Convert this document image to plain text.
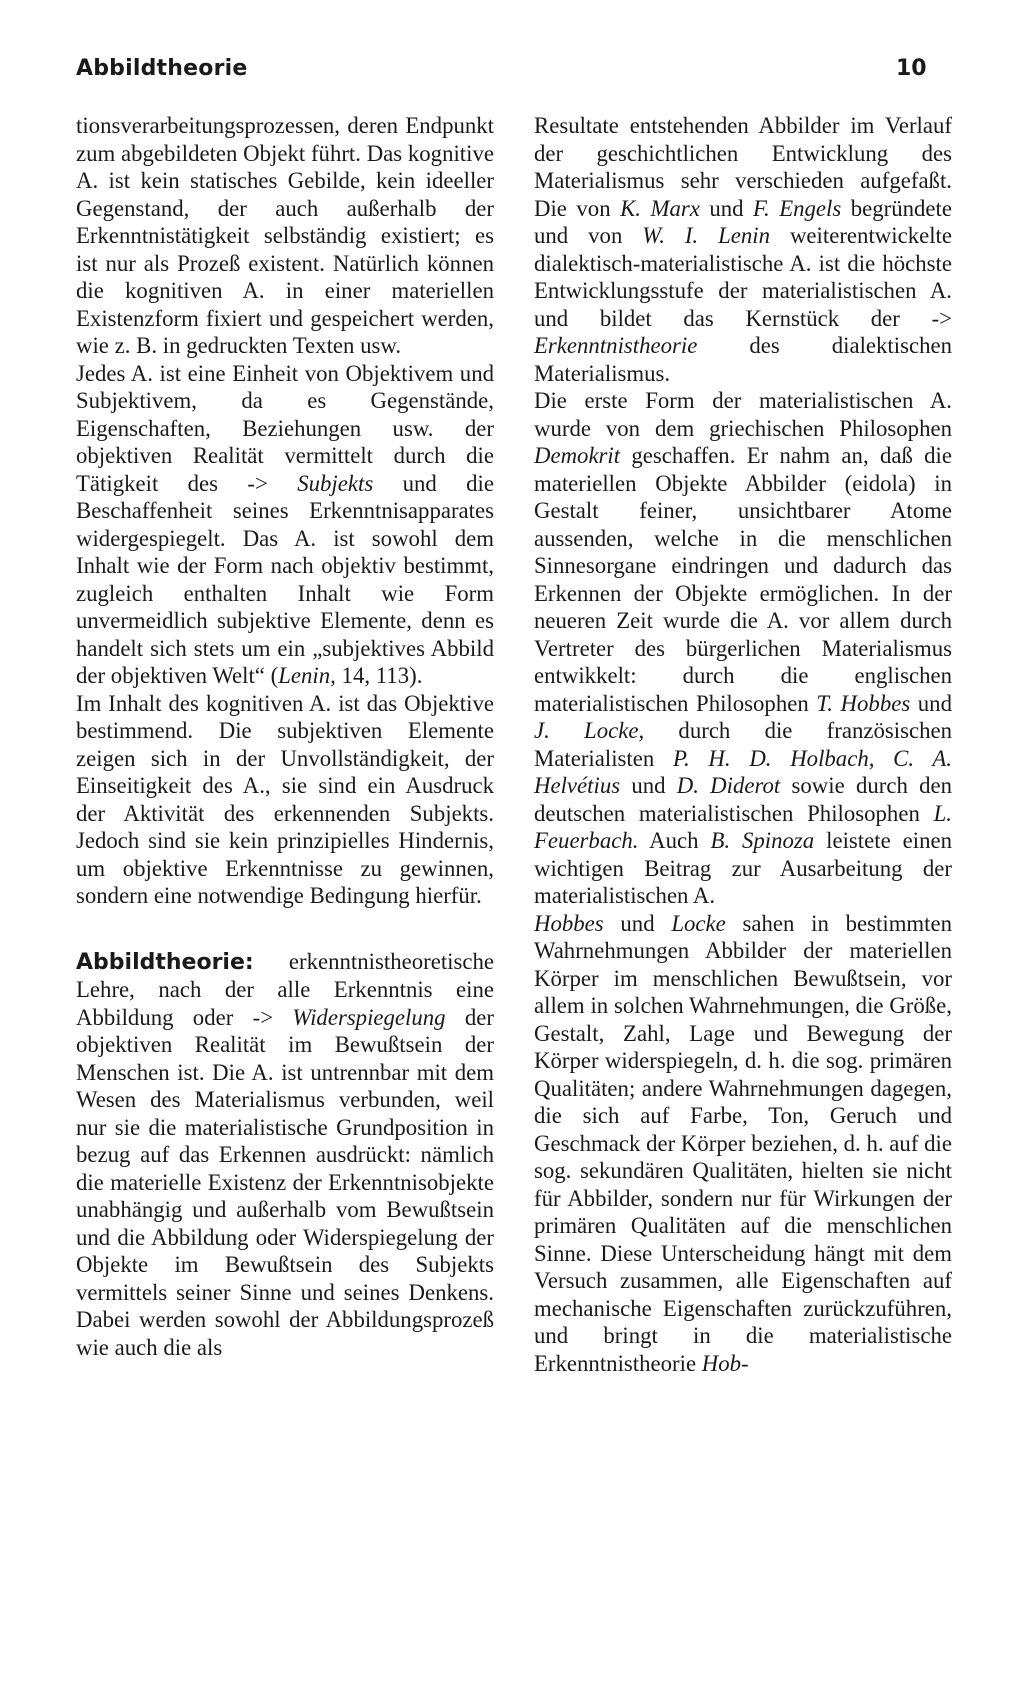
Abbildtheorie	10

tionsverarbeitungsprozessen, deren Endpunkt zum abgebildeten Objekt führt. Das kognitive A. ist kein statisches Gebilde, kein ideeller Gegenstand, der auch außerhalb der Erkenntnistätigkeit selbständig existiert; es ist nur als Prozeß existent. Natürlich können die kognitiven A. in einer materiellen Existenzform fixiert und gespeichert werden, wie z. B. in gedruckten Texten usw.

Jedes A. ist eine Einheit von Objektivem und Subjektivem, da es Gegenstände, Eigenschaften, Beziehungen usw. der objektiven Realität vermittelt durch die Tätigkeit des -> Subjekts und die Beschaffenheit seines Erkenntnisapparates widergespiegelt. Das A. ist sowohl dem Inhalt wie der Form nach objektiv bestimmt, zugleich enthalten Inhalt wie Form unvermeidlich subjektive Elemente, denn es handelt sich stets um ein „subjektives Abbild der objektiven Welt“ (Lenin, 14, 113).

Im Inhalt des kognitiven A. ist das Objektive bestimmend. Die subjektiven Elemente zeigen sich in der Unvollständigkeit, der Einseitigkeit des A., sie sind ein Ausdruck der Aktivität des erkennenden Subjekts. Jedoch sind sie kein prinzipielles Hindernis, um objektive Erkenntnisse zu gewinnen, sondern eine notwendige Bedingung hierfür.

Abbildtheorie: erkenntnistheoretische Lehre, nach der alle Erkenntnis eine Abbildung oder -> Widerspiegelung der objektiven Realität im Bewußtsein der Menschen ist. Die A. ist untrennbar mit dem Wesen des Materialismus verbunden, weil nur sie die materialistische Grundposition in bezug auf das Erkennen ausdrückt: nämlich die materielle Existenz der Erkenntnisobjekte unabhängig und außerhalb vom Bewußtsein und die Abbildung oder Widerspiegelung der Objekte im Bewußtsein des Subjekts vermittels seiner Sinne und seines Denkens. Dabei werden sowohl der Abbildungsprozeß wie auch die als

Resultate entstehenden Abbilder im Verlauf der geschichtlichen Entwicklung des Materialismus sehr verschieden aufgefaßt. Die von K. Marx und F. Engels begründete und von W. I. Lenin weiterentwickelte dialektisch-materialistische A. ist die höchste Entwicklungsstufe der materialistischen A. und bildet das Kernstück der -> Erkenntnistheorie des dialektischen Materialismus.

Die erste Form der materialistischen A. wurde von dem griechischen Philosophen Demokrit geschaffen. Er nahm an, daß die materiellen Objekte Abbilder (eidola) in Gestalt feiner, unsichtbarer Atome aussenden, welche in die menschlichen Sinnesorgane eindringen und dadurch das Erkennen der Objekte ermöglichen. In der neueren Zeit wurde die A. vor allem durch Vertreter des bürgerlichen Materialismus entwikkelt: durch die englischen materialistischen Philosophen T. Hobbes und J. Locke, durch die französischen Materialisten P. H. D. Holbach, C. A. Helvétius und D. Diderot sowie durch den deutschen materialistischen Philosophen L. Feuerbach. Auch B. Spinoza leistete einen wichtigen Beitrag zur Ausarbeitung der materialistischen A.

Hobbes und Locke sahen in bestimmten Wahrnehmungen Abbilder der materiellen Körper im menschlichen Bewußtsein, vor allem in solchen Wahrnehmungen, die Größe, Gestalt, Zahl, Lage und Bewegung der Körper widerspiegeln, d. h. die sog. primären Qualitäten; andere Wahrnehmungen dagegen, die sich auf Farbe, Ton, Geruch und Geschmack der Körper beziehen, d. h. auf die sog. sekundären Qualitäten, hielten sie nicht für Abbilder, sondern nur für Wirkungen der primären Qualitäten auf die menschlichen Sinne. Diese Unterscheidung hängt mit dem Versuch zusammen, alle Eigenschaften auf mechanische Eigenschaften zurückzuführen, und bringt in die materialistische Erkenntnistheorie Hob-
